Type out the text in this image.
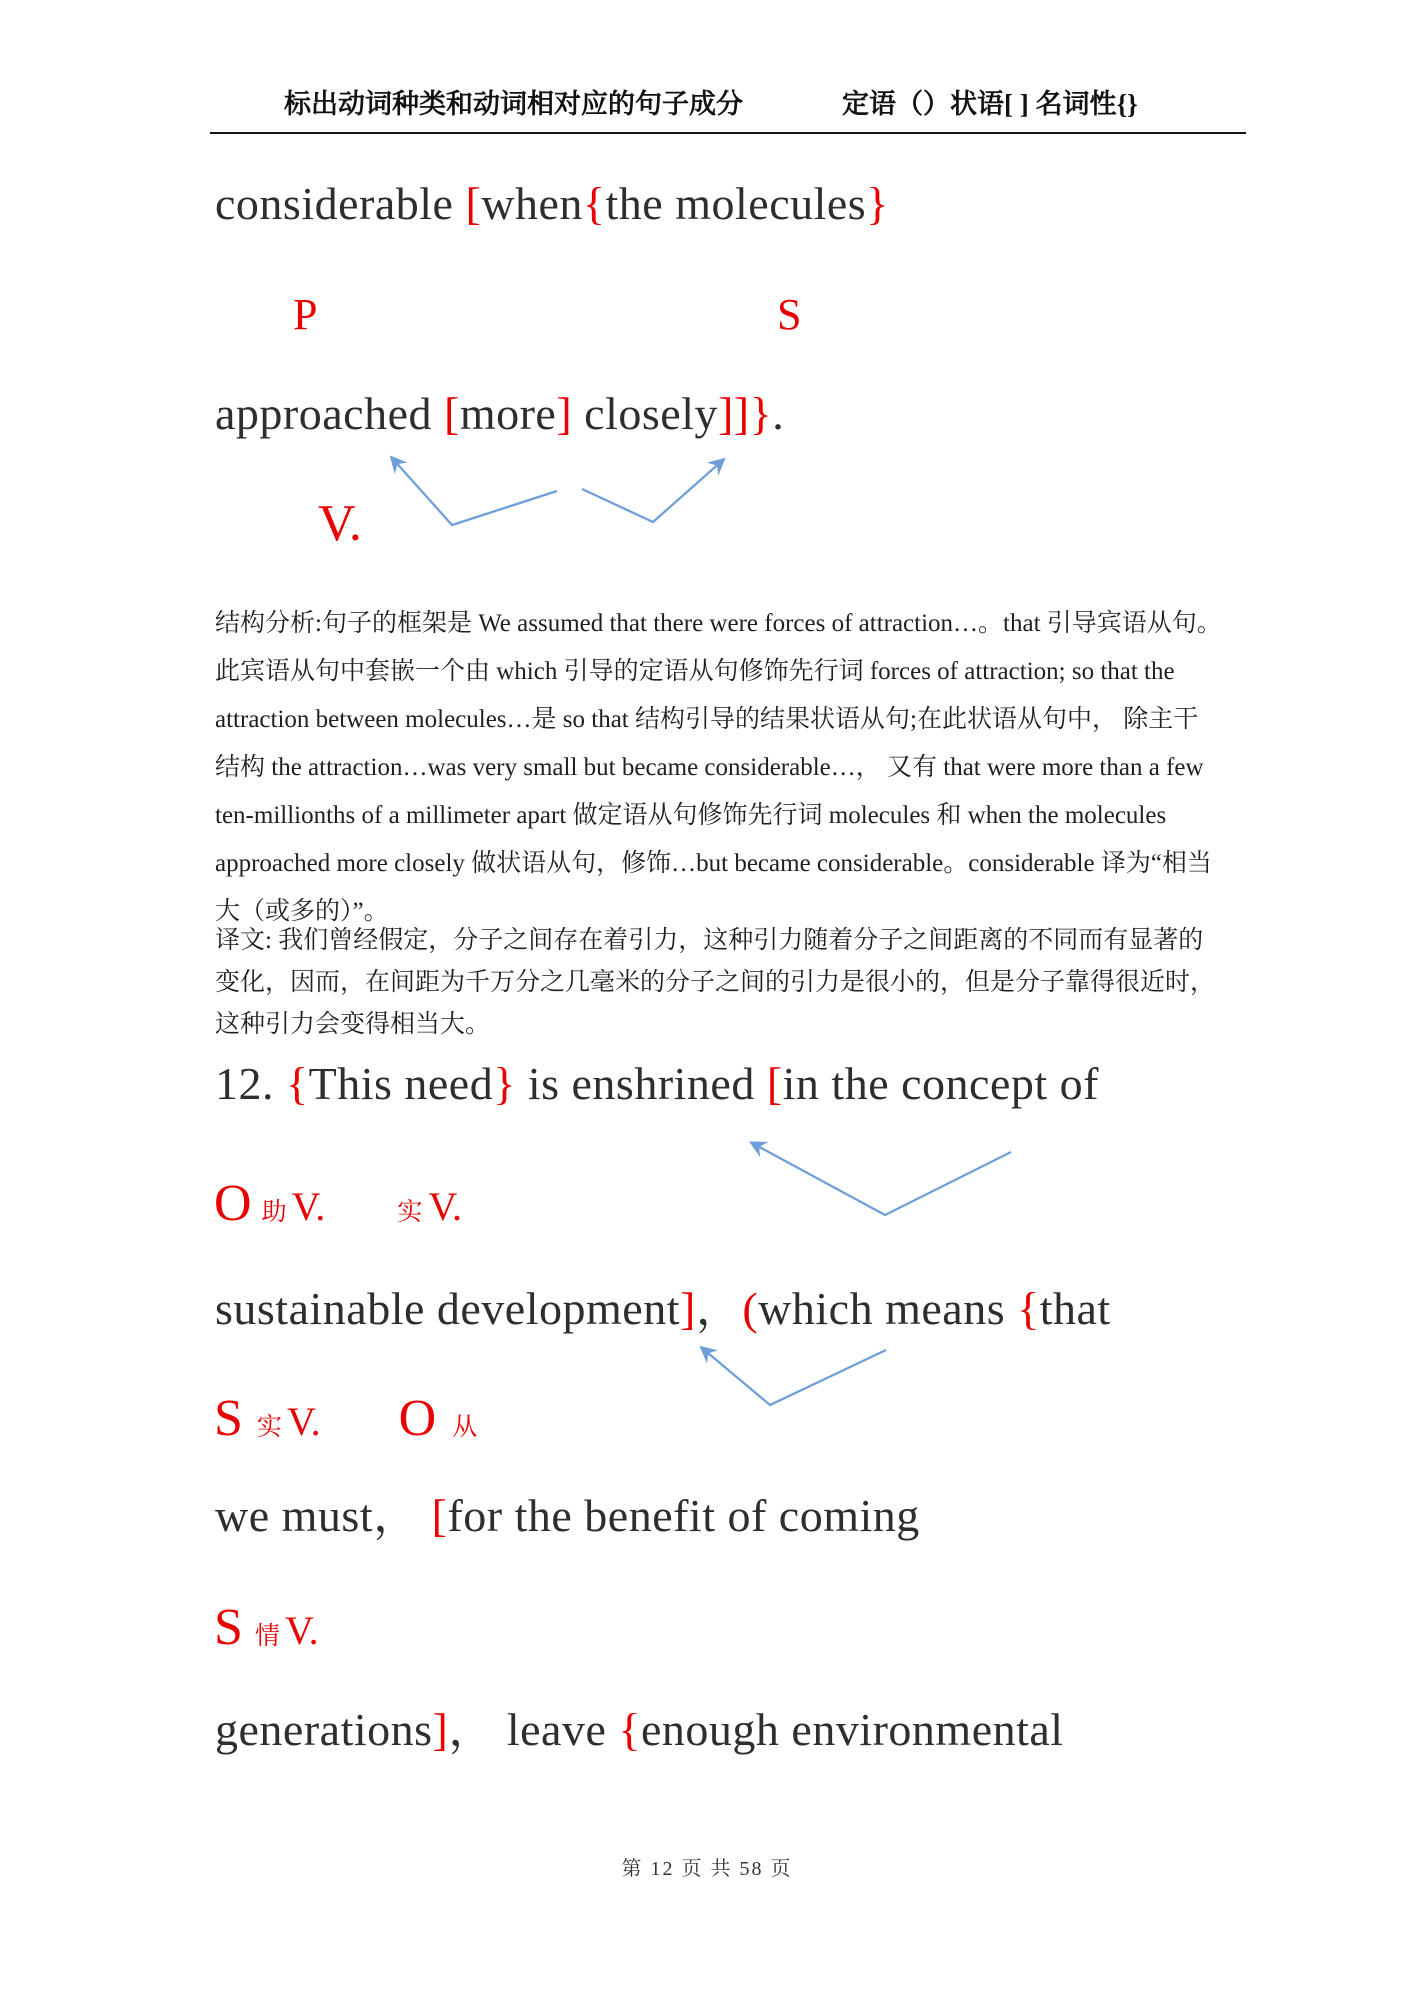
标出动词种类和动词相对应的句子成分	定语（）状语[ ] 名词性{}
considerable [when{the molecules}
P	S
approached [more] closely]]}.
V.
结构分析:句子的框架是 We assumed that there were forces of attraction…。that 引导宾语从句。
此宾语从句中套嵌一个由 which 引导的定语从句修饰先行词 forces of attraction; so that the
attraction between molecules…是 so that 结构引导的结果状语从句;在此状语从句中， 除主干
结构 the attraction…was very small but became considerable…， 又有 that were more than a few
ten-millionths of a millimeter apart 做定语从句修饰先行词 molecules 和 when the molecules
approached more closely 做状语从句，修饰…but became considerable。considerable 译为“相当
大（或多的）”。
译文: 我们曾经假定，分子之间存在着引力，这种引力随着分子之间距离的不同而有显著的
变化，因而，在间距为千万分之几毫米的分子之间的引力是很小的，但是分子靠得很近时，
这种引力会变得相当大。
12. {This need} is enshrined [in the concept of
O助 V.	实 V.
sustainable development]，(which means {that
S实 V. O 从
we must， [for the benefit of coming
S情 V.
generations]， leave {enough environmental
第 12 页 共 58 页
